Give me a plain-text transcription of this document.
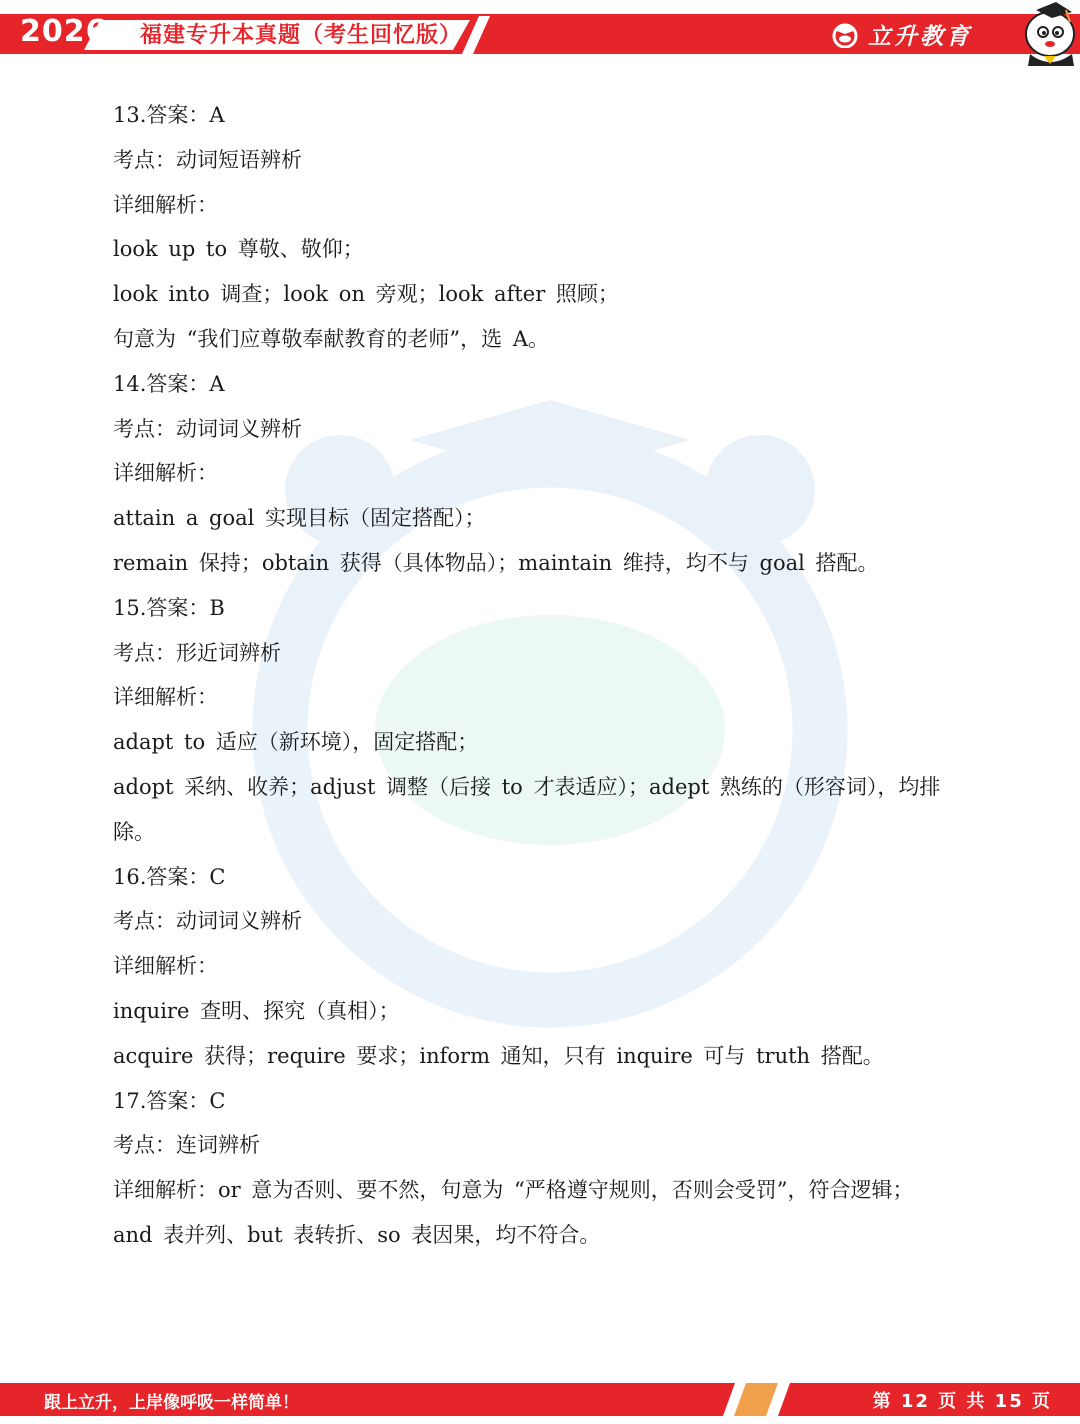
2026 福建专升本真题（考生回忆版）	立升教育
13.答案：A
考点：动词短语辨析
详细解析：
look up to 尊敬、敬仰；
look into 调查；look on 旁观；look after 照顾；
句意为 “我们应尊敬奉献教育的老师”，选 A。
14.答案：A
考点：动词词义辨析
详细解析：
attain a goal 实现目标（固定搭配）；
remain 保持；obtain 获得（具体物品）；maintain 维持，均不与 goal 搭配。
15.答案：B
考点：形近词辨析
详细解析：
adapt to 适应（新环境），固定搭配；
adopt 采纳、收养；adjust 调整（后接 to 才表适应）；adept 熟练的（形容词），均排
除。
16.答案：C
考点：动词词义辨析
详细解析：
inquire 查明、探究（真相）；
acquire 获得；require 要求；inform 通知，只有 inquire 可与 truth 搭配。
17.答案：C
考点：连词辨析
详细解析：or 意为否则、要不然，句意为 “严格遵守规则，否则会受罚”，符合逻辑；
and 表并列、but 表转折、so 表因果，均不符合。
跟上立升，上岸像呼吸一样简单！	第 12 页 共 15 页
